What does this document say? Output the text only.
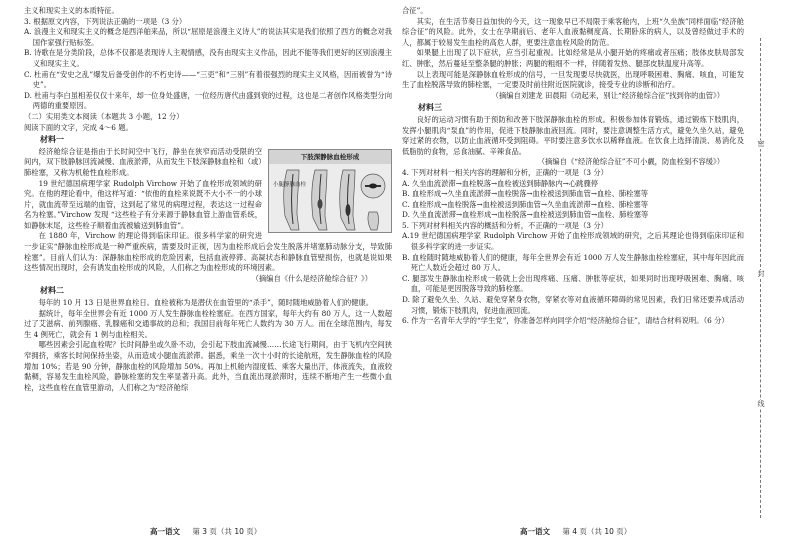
主义和现实主义的本质特征。
3. 根据原文内容，下列说法正确的一项是（3 分）
A. 浪漫主义和现实主义的概念是西洋舶来品，所以“屈原是浪漫主义诗人”的说法其实是我们依照了西方的概念对我国作家强行贴标签。
B. 诗歌在是分类阶段，总体不仅都是表现诗人主观情感，没有由现实主义作品，因此不能等我们更好的区别浪漫主义和现实主义。
C. 杜甫在“安史之乱”爆发后备受创作的不朽史诗——“三吏”和“三别”有着很强烈的现实主义风格，因而被誉为“诗史”。
D. 杜甫与李白虽相差仅仅十来年，却一位身处盛唐，一位经历唐代由盛到衰的过程，这也是二者创作风格类型分向两德的重要原因。
（二）实用类文本阅读（本题共 3 小题，12 分）
阅读下面的文字，完成 4～6 题。
材料一
下肢深静脉血栓形成
小腿静脉血栓
经济舱综合征是指由于长时间空中飞行，静坐在狭窄而活动受限的空间内，双下肢静脉回流减慢、血液淤滞，从而发生下肢深静脉血栓和（或）肺栓塞，又称为机舱性血栓形成。
19 世纪德国病理学家 Rudolph Virchow 开始了血栓形成领域的研究。在他的理论看中，他这样写道：“依他的血栓来说既不大小不一的小球片，就血流带至远端的血管，这到起了常见的病理过程，表达这一过程命名为栓塞。”Virchow 发现 “这些栓子有分来源于静脉血管上游血管系统，如静脉末尾，这些栓子顺着血流被输送到肺血管”。
在 1880 年，Virchow 的理论得到临床印证。很多科学家的研究进一步证实“静脉血栓形成是一种严重疾病，需要及时正视，因为血栓形成后会发生脱落并堵塞肺动脉分支，导致肺栓塞”。目前人们认为：深静脉血栓形成的危险因素，包括血液停滞、高凝状态和静脉血管壁损伤，也就是说如果这些情况出现时，会有诱发血栓形成的风险，人们称之为血栓形成的环境因素。
（摘编自《什么是经济舱综合征？》）
材料二
每年的 10 月 13 日是世界血栓日。血栓被称为是潜伏在血管里的“杀手”，随时随地威胁着人们的健康。
据统计，每年全世界会有近 1000 万人发生静脉血栓栓塞症。在西方国家，每年大约有 80 万人，这一人数超过了艾滋病、前列腺癌、乳腺癌和交通事故的总和；我国目前每年死亡人数约为 30 万人。而在全球范围内，每发生 4 例死亡，就会有 1 例与血栓相关。
哪些因素会引起血栓呢？长时间静坐或久卧不动，会引起下肢血流减慢……长途飞行期间，由于飞机内空间狭窄拥挤，乘客长时间保持坐姿，从而造成小腿血流淤滞。据悉，乘坐一次十小时的长途航班，发生静脉血栓的风险增加 10%；若是 90 分钟，静脉血栓的风险增加 50%。再加上机舱内湿度低、乘客大量出汗，体液流失，血液较黏稠，容易发生血栓风险，静脉栓塞的发生率显著升高。此外，当血流出现淤滞时，连续不断地产生一些微小血栓，这些血栓在血管里游动，人们称之为“经济舱综
合征”。
其实，在生活节奏日益加快的今天，这一现象早已不局限于乘客舱内，上班“久坐族”同样面临“经济舱综合征”的风险。此外，女士在孕期前后、老年人血液黏稠度高、长期卧床的病人，以及曾经做过手术的人，都属于较易发生血栓的高危人群，更要注意血栓风险的防范。
如果腿上出现了以下症状，应当引起重视。比如经常是从小腿开始的疼痛或者压痛；肢体皮肤局部发红、肿胀，然后蔓延至整条腿的肿胀；两腿的粗细不一样，伴随着发热、腿部皮肤温度升高等。
以上表现可能是深静脉血栓形成的信号，一旦发现要尽快就医，出现呼吸困难、胸痛、咳血，可能发生了血栓脱落导致的肺栓塞，一定要及时前往附近医院就诊，接受专业的诊断和治疗。
（摘编自刘建龙 田晨阳《动起来，别让“经济舱综合征”找到你的血管》）
材料三
良好的运动习惯有助于预防和改善下肢深静脉血栓的形成。积极参加体育锻炼，通过锻炼下肢肌肉，发挥小腿肌肉“泵血”的作用，促进下肢静脉血液回流。同时，要注意调整生活方式，避免久坐久站，避免穿过紧的衣物，以防止血液循环受到阻碍。平时要注意多饮水以稀释血液。在饮食上选择清淡、易消化及低脂肪的食物，忌食油腻、辛辣食品。
（摘编自《“经济舱综合征”不可小觑，防血栓刻不容缓》）
4. 下列对材料一相关内容的理解和分析，正确的一项是（3 分）
A. 久坐血流淤滞→血栓脱落→血栓被送到肺静脉内→心跳骤停
B. 血栓形成→久坐血流淤滞→血栓脱落→血栓被送到肺血管→血栓、肺栓塞等
C. 血栓形成→血栓脱落→血栓被送到肺血管→久坐血流淤滞→血栓、肺栓塞等
D. 久坐血流淤滞→血栓形成→血栓脱落→血栓被送到肺血管→血栓、肺栓塞等
5. 下列对材料相关内容的概括和分析，不正确的一项是（3 分）
A.19 世纪德国病理学家 Rudolph Virchow 开始了血栓形成领域的研究，之后其理论也得到临床印证和很多科学家的进一步证实。
B. 血栓随时随地威胁着人们的健康，每年全世界会有近 1000 万人发生静脉血栓栓塞症，其中每年因此而死亡人数近会超过 80 万人。
C. 腿部发生静脉血栓形成一般就上会出现疼痛、压痛、肿胀等症状，如果同时出现呼吸困难、胸痛、咳血，可能是更因脱落导致的肺栓塞。
D. 除了避免久坐、久站、避免穿紧身衣物，穿紧衣等对血液循环障碍的常见因素，我们日常还要养成活动习惯，锻炼下肢肌肉，促进血液回流。
6. 作为一名青年大学的“学生党”，你准备怎样向同学介绍“经济舱综合征”，请结合材料说明。（6 分）
密
封
线
高一语文 第 3 页（共 10 页）	高一语文 第 4 页（共 10 页）
